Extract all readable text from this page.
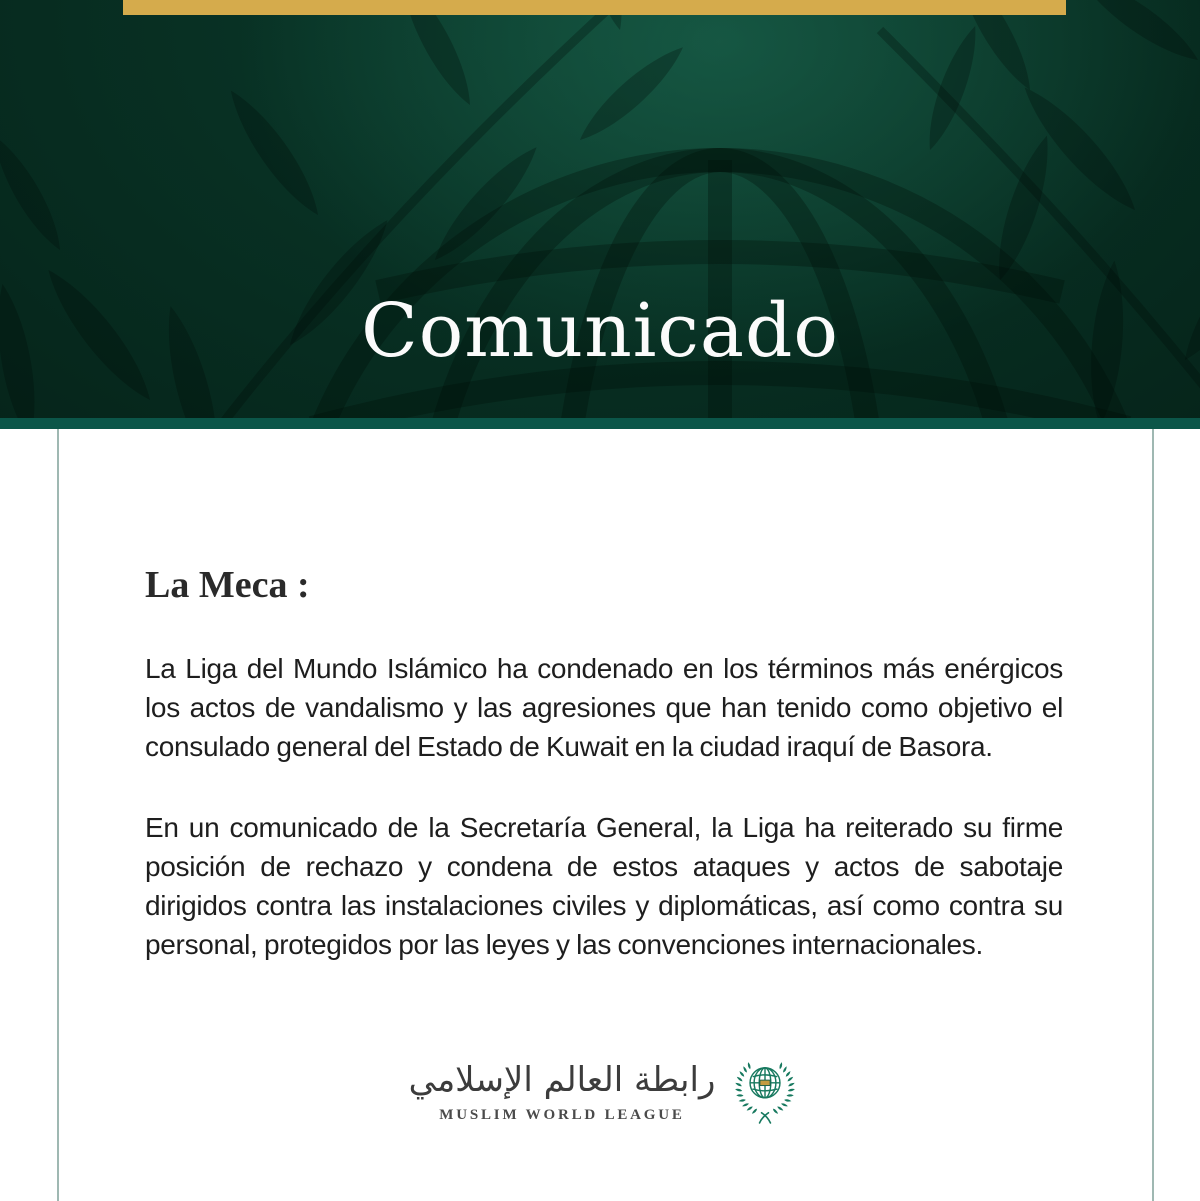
Comunicado
La Meca :

La Liga del Mundo Islámico ha condenado en los términos más enérgicos los actos de vandalismo y las agresiones que han tenido como objetivo el consulado general del Estado de Kuwait en la ciudad iraquí de Basora.

En un comunicado de la Secretaría General, la Liga ha reiterado su firme posición de rechazo y condena de estos ataques y actos de sabotaje dirigidos contra las instalaciones civiles y diplomáticas, así como contra su personal, protegidos por las leyes y las convenciones internacionales.

رابطة العالم الإسلامي
MUSLIM WORLD LEAGUE
